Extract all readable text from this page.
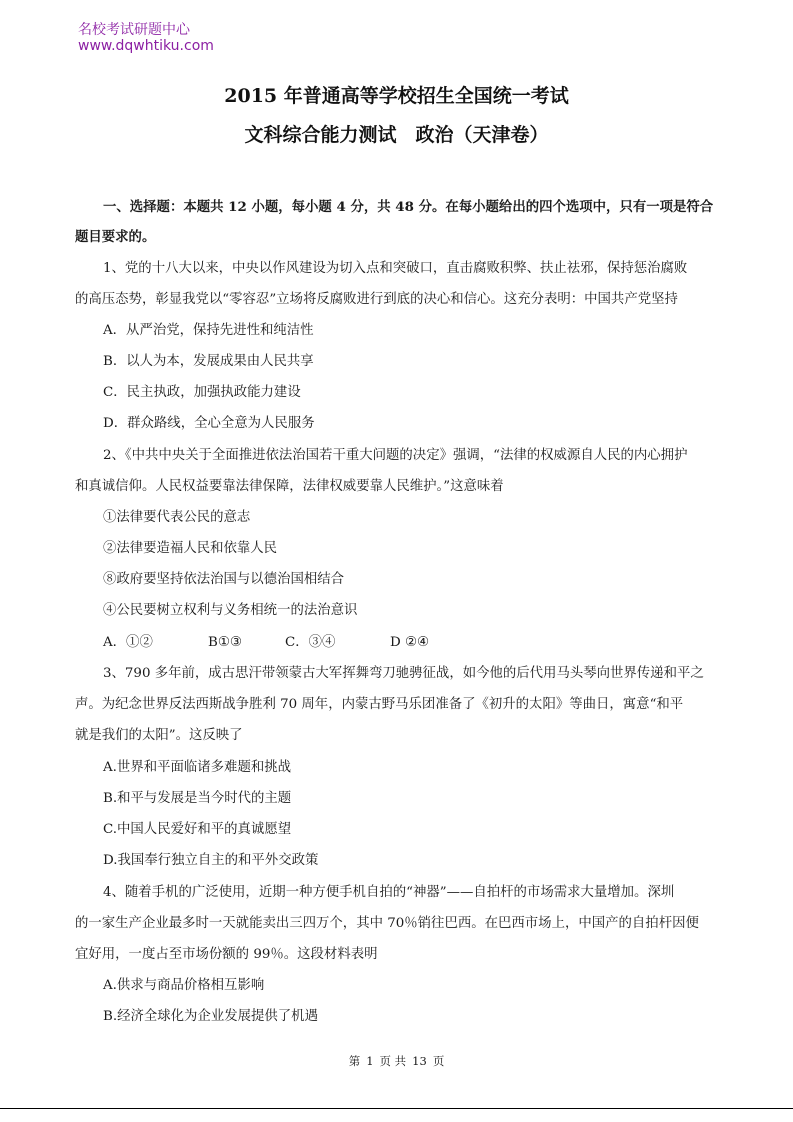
名校考试研题中心
www.dqwhtiku.com
2015 年普通高等学校招生全国统一考试
文科综合能力测试　政治（天津卷）
一、选择题：本题共 12 小题，每小题 4 分，共 48 分。在每小题给出的四个选项中，只有一项是符合
题目要求的。
1、党的十八大以来，中央以作风建设为切入点和突破口，直击腐败积弊、扶止祛邪，保持惩治腐败
的高压态势，彰显我党以“零容忍”立场将反腐败进行到底的决心和信心。这充分表明：中国共产党坚持
A．从严治党，保持先进性和纯洁性
B．以人为本，发展成果由人民共享
C．民主执政，加强执政能力建设
D．群众路线，全心全意为人民服务
2、《中共中央关于全面推进依法治国若干重大问题的决定》强调，“法律的权威源自人民的内心拥护
和真诚信仰。人民权益要靠法律保障，法律权威要靠人民维护。”这意味着
①法律要代表公民的意志
②法律要造福人民和依靠人民
⑧政府要坚持依法治国与以德治国相结合
④公民要树立权利与义务相统一的法治意识
A．①②	B①③	C．③④	D ②④
3、790 多年前，成古思汗带领蒙古大军挥舞弯刀驰骋征战，如今他的后代用马头琴向世界传递和平之
声。为纪念世界反法西斯战争胜利 70 周年，内蒙古野马乐团准备了《初升的太阳》等曲日，寓意“和平
就是我们的太阳”。这反映了
A.世界和平面临诸多难题和挑战
B.和平与发展是当今时代的主题
C.中国人民爱好和平的真诚愿望
D.我国奉行独立自主的和平外交政策
4、随着手机的广泛使用，近期一种方便手机自拍的“神器”——自拍杆的市场需求大量增加。深圳
的一家生产企业最多时一天就能卖出三四万个，其中 70％销往巴西。在巴西市场上，中国产的自拍杆因便
宜好用，一度占至市场份额的 99％。这段材料表明
A.供求与商品价格相互影响
B.经济全球化为企业发展提供了机遇
第 1 页 共 13 页
